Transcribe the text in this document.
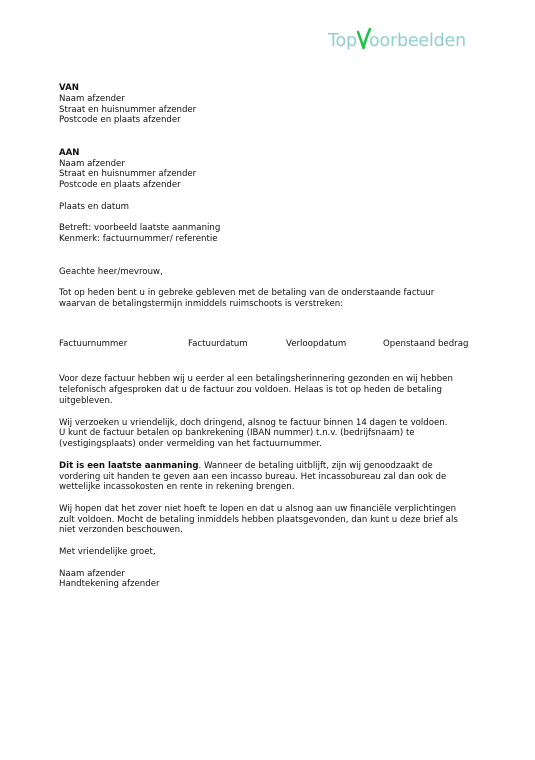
Top oorbeelden

VAN

Naam afzender

Straat en huisnummer afzender

Postcode en plaats afzender

AAN

Naam afzender

Straat en huisnummer afzender

Postcode en plaats afzender

Plaats en datum

Betreft: voorbeeld laatste aanmaning

Kenmerk: factuurnummer/ referentie

Geachte heer/mevrouw,

Tot op heden bent u in gebreke gebleven met de betaling van de onderstaande factuur

waarvan de betalingstermijn inmiddels ruimschoots is verstreken:

Factuurnummer	Factuurdatum	Verloopdatum	Openstaand bedrag

Voor deze factuur hebben wij u eerder al een betalingsherinnering gezonden en wij hebben

telefonisch afgesproken dat u de factuur zou voldoen. Helaas is tot op heden de betaling

uitgebleven.

Wij verzoeken u vriendelijk, doch dringend, alsnog te factuur binnen 14 dagen te voldoen.

U kunt de factuur betalen op bankrekening (IBAN nummer) t.n.v. (bedrijfsnaam) te

(vestigingsplaats) onder vermelding van het factuurnummer.

Dit is een laatste aanmaning. Wanneer de betaling uitblijft, zijn wij genoodzaakt de

vordering uit handen te geven aan een incasso bureau. Het incassobureau zal dan ook de

wettelijke incassokosten en rente in rekening brengen.

Wij hopen dat het zover niet hoeft te lopen en dat u alsnog aan uw financiële verplichtingen

zult voldoen. Mocht de betaling inmiddels hebben plaatsgevonden, dan kunt u deze brief als

niet verzonden beschouwen.

Met vriendelijke groet,

Naam afzender

Handtekening afzender
